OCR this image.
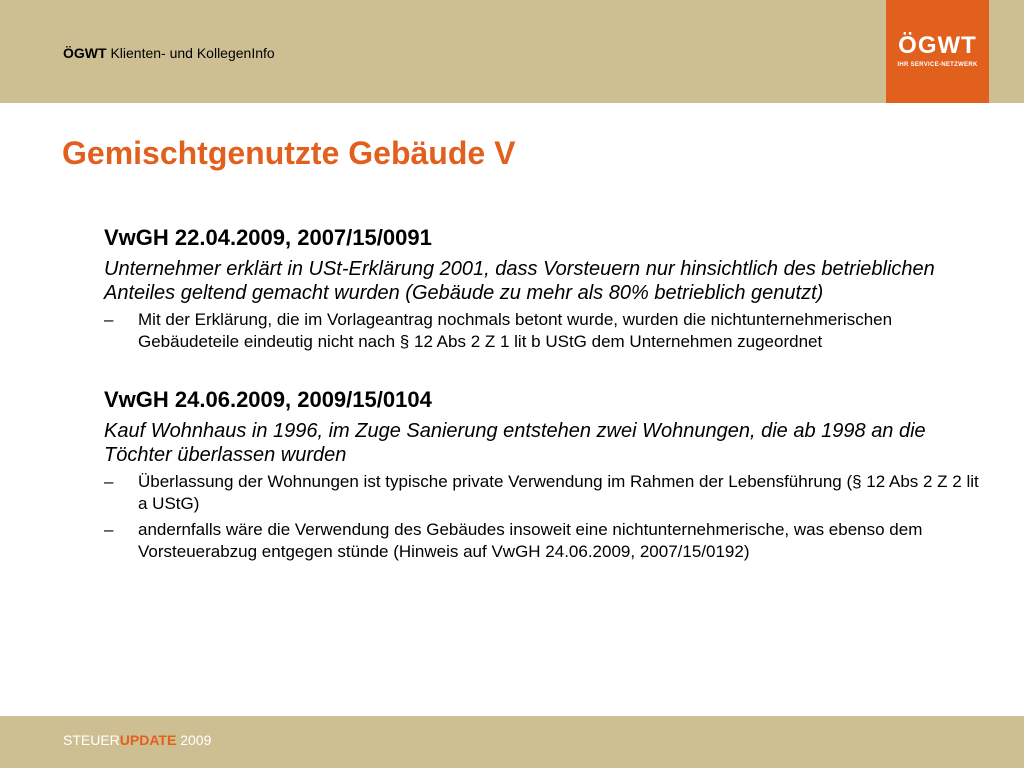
ÖGWT Klienten- und KollegenInfo	ÖGWT
IHR SERVICE-NETZWERK
Gemischtgenutzte Gebäude V

VwGH 22.04.2009, 2007/15/0091

Unternehmer erklärt in USt-Erklärung 2001, dass Vorsteuern nur hinsichtlich des betrieblichen Anteiles geltend gemacht wurden (Gebäude zu mehr als 80% betrieblich genutzt)

– Mit der Erklärung, die im Vorlageantrag nochmals betont wurde, wurden die nichtunternehmerischen Gebäudeteile eindeutig nicht nach § 12 Abs 2 Z 1 lit b UStG dem Unternehmen zugeordnet

VwGH 24.06.2009, 2009/15/0104

Kauf Wohnhaus in 1996, im Zuge Sanierung entstehen zwei Wohnungen, die ab 1998 an die Töchter überlassen wurden

– Überlassung der Wohnungen ist typische private Verwendung im Rahmen der Lebensführung (§ 12 Abs 2 Z 2 lit a UStG)
– andernfalls wäre die Verwendung des Gebäudes insoweit eine nichtunternehmerische, was ebenso dem Vorsteuerabzug entgegen stünde (Hinweis auf VwGH 24.06.2009, 2007/15/0192)
STEUERUPDATE 2009
